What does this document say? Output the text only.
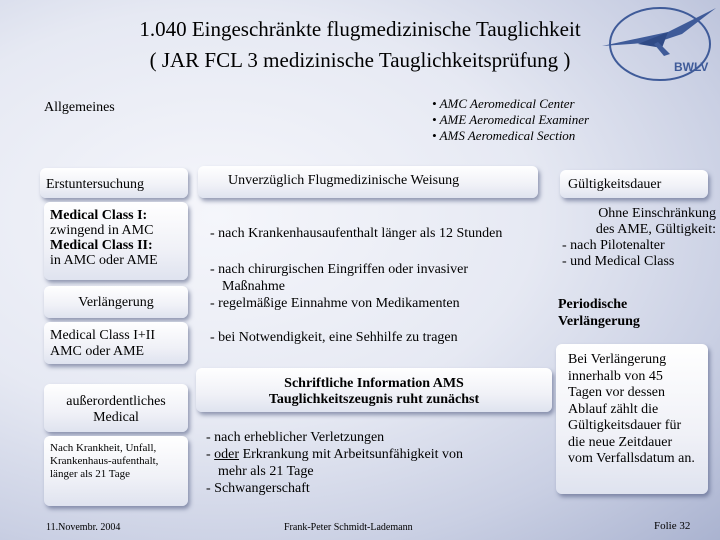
1.040 Eingeschränkte flugmedizinische Tauglichkeit
( JAR FCL 3 medizinische Tauglichkeitsprüfung )	BWLV
Allgemeines	• AMC Aeromedical Center
• AME Aeromedical Examiner
• AMS Aeromedical Section
Erstuntersuchung
Medical Class I:
zwingend in AMC
Medical Class II:
in AMC oder AME
Verlängerung
Medical Class I+II
AMC oder AME
außerordentliches Medical
Nach Krankheit, Unfall, Krankenhaus-aufenthalt, länger als 21 Tage
Unverzüglich Flugmedizinische Weisung
- nach Krankenhausaufenthalt länger als 12 Stunden
- nach chirurgischen Eingriffen oder invasiver
Maßnahme
- regelmäßige Einnahme von Medikamenten
- bei Notwendigkeit, eine Sehhilfe zu tragen
Schriftliche Information AMS
Tauglichkeitszeugnis ruht zunächst
- nach erheblicher Verletzungen
- oder Erkrankung mit Arbeitsunfähigkeit von
mehr als 21 Tage
- Schwangerschaft
Gültigkeitsdauer
Ohne Einschränkung
des AME, Gültigkeit:
- nach Pilotenalter
- und Medical Class
Periodische Verlängerung
Bei Verlängerung innerhalb von 45 Tagen vor dessen Ablauf zählt die Gültigkeitsdauer für die neue Zeitdauer vom Verfallsdatum an.
11.Novembr. 2004	Frank-Peter Schmidt-Lademann	Folie 32
